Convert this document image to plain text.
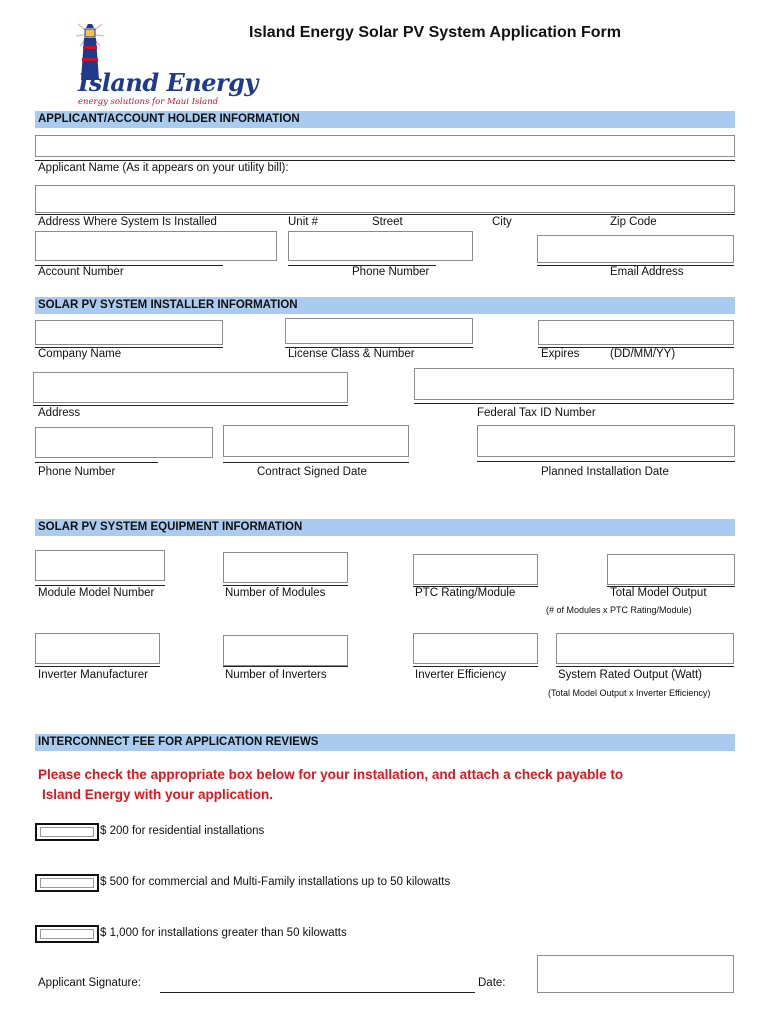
Island Energy Solar PV System Application Form
Island Energy
energy solutions for Maui Island
APPLICANT/ACCOUNT HOLDER INFORMATION
Applicant Name (As it appears on your utility bill):
Address Where System Is Installed	Unit #	Street	City	Zip Code
Account Number	Phone Number	Email Address
SOLAR PV SYSTEM INSTALLER INFORMATION
Company Name	License Class & Number	Expires	(DD/MM/YY)
Address	Federal Tax ID Number
Phone Number	Contract Signed Date	Planned Installation Date
SOLAR PV SYSTEM EQUIPMENT INFORMATION
Module Model Number	Number of Modules	PTC Rating/Module	Total Model Output
(# of Modules x PTC Rating/Module)
Inverter Manufacturer	Number of Inverters	Inverter Efficiency	System Rated Output (Watt)
(Total Model Output x Inverter Efficiency)
INTERCONNECT FEE FOR APPLICATION REVIEWS
Please check the appropriate box below for your installation, and attach a check payable to
Island Energy with your application.
$ 200 for residential installations
$ 500 for commercial and Multi-Family installations up to 50 kilowatts
$ 1,000 for installations greater than 50 kilowatts
Applicant Signature:	Date:
